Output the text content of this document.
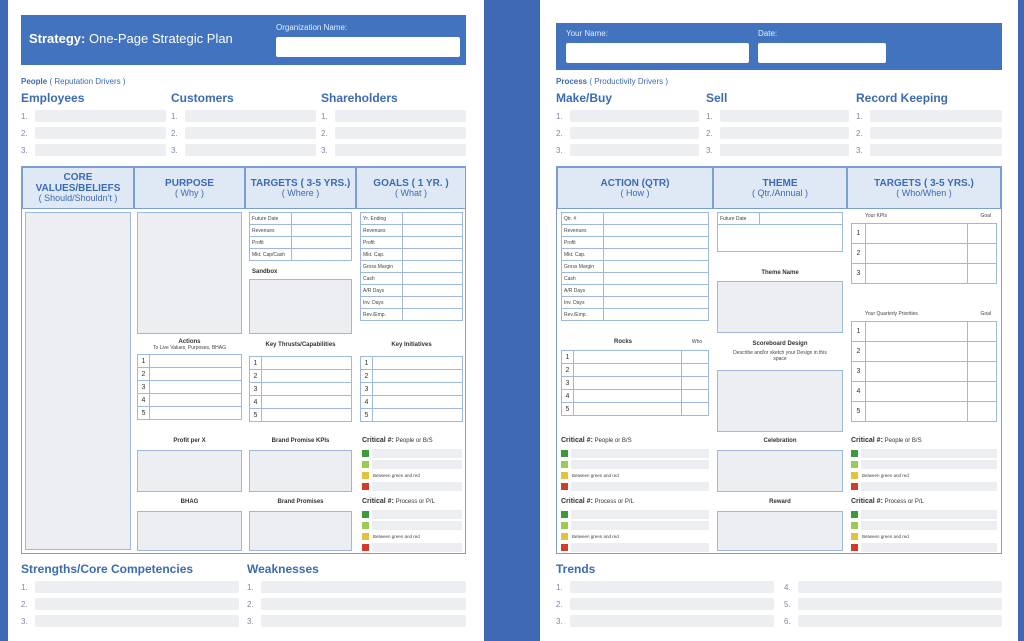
Strategy: One-Page Strategic Plan
Organization Name:
People ( Reputation Drivers )
Employees
1.
2.
3.
Customers
1.
2.
3.
Shareholders
1.
2.
3.
CORE VALUES/BELIEFS
( Should/Shouldn't )
PURPOSE
( Why )
TARGETS ( 3-5 YRS.)
( Where )
GOALS ( 1 YR. )
( What )
Future Date
Revenues
Profit
Mkt. Cap/Cash
Sandbox
Yr. Ending
Revenues
Profit
Mkt. Cap.
Gross Margin
Cash
A/R Days
Inv. Days
Rev./Emp.
Actions
To Live Values, Purposes, BHAG
1
2
3
4
5
Key Thrusts/Capabilities
1
2
3
4
5
Key Initiatives
1
2
3
4
5
Profit per X	Brand Promise KPIs	Critical #: People or B/S
Between green and red
BHAG	Brand Promises	Critical #: Process or P/L
Between green and red
Strengths/Core Competencies
1.
2.
3.
Weaknesses
1.
2.
3.
Your Name:	Date:
Process ( Productivity Drivers )
Make/Buy
1.
2.
3.
Sell
1.
2.
3.
Record Keeping
1.
2.
3.
ACTION (QTR)
( How )
THEME
( Qtr./Annual )
TARGETS ( 3-5 YRS.)
( Who/When )
Qtr. #
Revenues
Profit
Mkt. Cap.
Gross Margin
Cash
A/R Days
Inv. Days
Rev./Emp.
Rocks	Who
1
2
3
4
5
Future Date
Theme Name
Scoreboard Design
Describe and/or sketch your Design in this space
Your KPIs	Goal
1
2
3
Your Quarterly Priorities	Goal
1
2
3
4
5
Critical #: People or B/S
Between green and red
Celebration	Critical #: People or B/S
Between green and red
Critical #: Process or P/L
Between green and red
Reward	Critical #: Process or P/L
Between green and red
Trends
1.
2.
3.
4.
5.
6.
